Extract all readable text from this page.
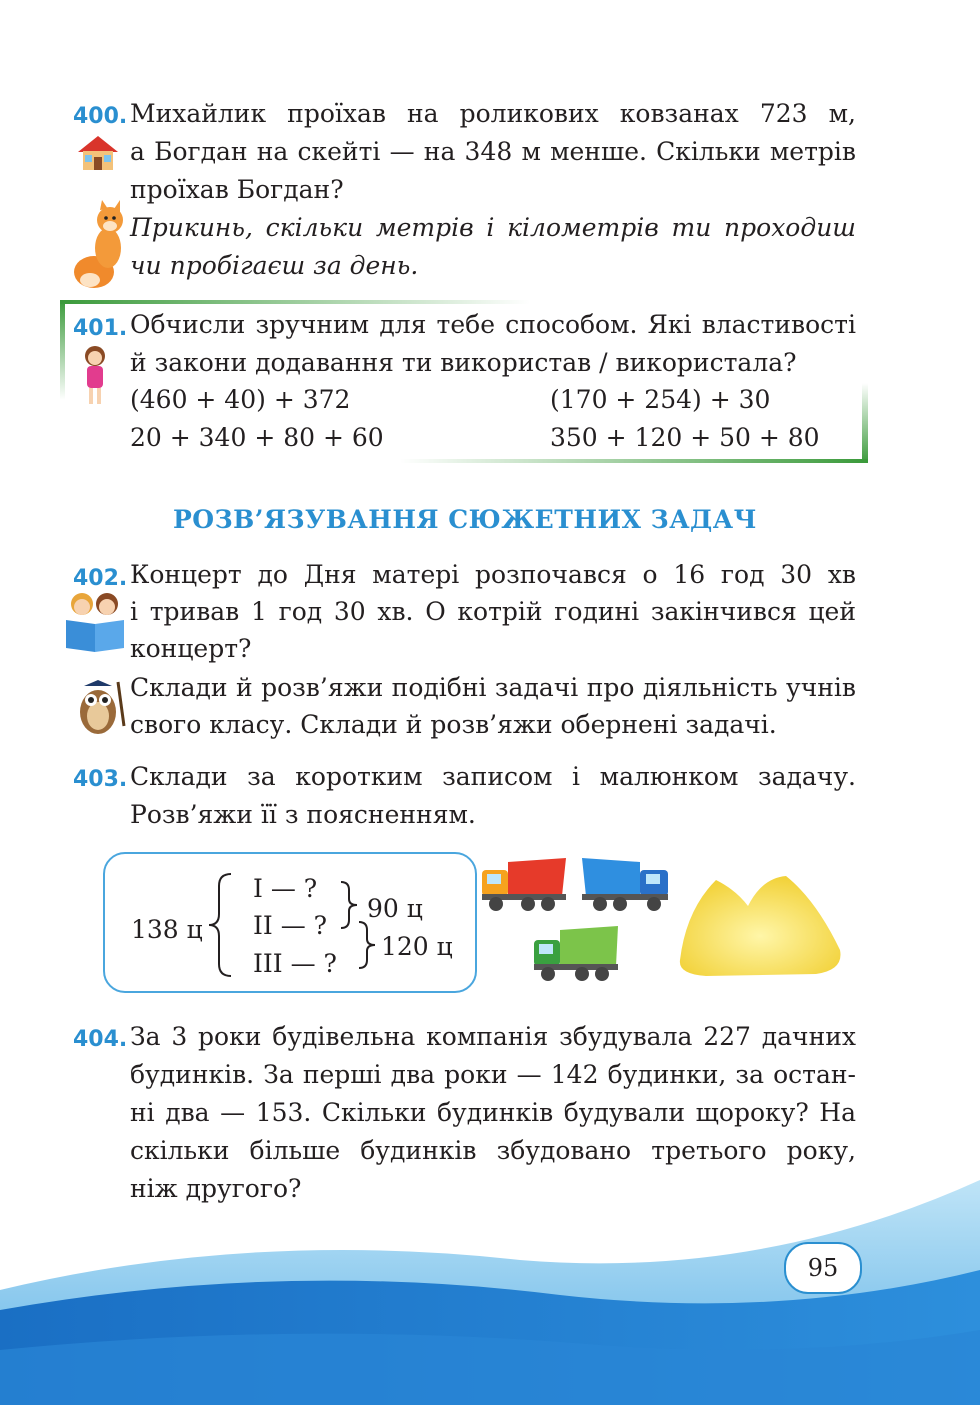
400. Михайлик проїхав на роликових ковзанах 723 м,
а Богдан на скейті — на 348 м менше. Скільки метрів
проїхав Богдан?
Прикинь, скільки метрів і кілометрів ти проходиш
чи пробігаєш за день.
401. Обчисли зручним для тебе способом. Які властивості
й закони додавання ти використав / використала?
(460 + 40) + 372	(170 + 254) + 30
20 + 340 + 80 + 60	350 + 120 + 50 + 80
РОЗВ’ЯЗУВАННЯ СЮЖЕТНИХ ЗАДАЧ
402. Концерт до Дня матері розпочався о 16 год 30 хв
і тривав 1 год 30 хв. О котрій годині закінчився цей
концерт?
Склади й розв’яжи подібні задачі про діяльність учнів
свого класу. Склади й розв’яжи обернені задачі.
403. Склади за коротким записом і малюнком задачу.
Розв’яжи її з поясненням.
138 ц
I — ?
II — ?
III — ?
90 ц
120 ц
404. За 3 роки будівельна компанія збудувала 227 дачних
будинків. За перші два роки — 142 будинки, за остан-
ні два — 153. Скільки будинків будували щороку? На
скільки більше будинків збудовано третього року,
ніж другого?
95
